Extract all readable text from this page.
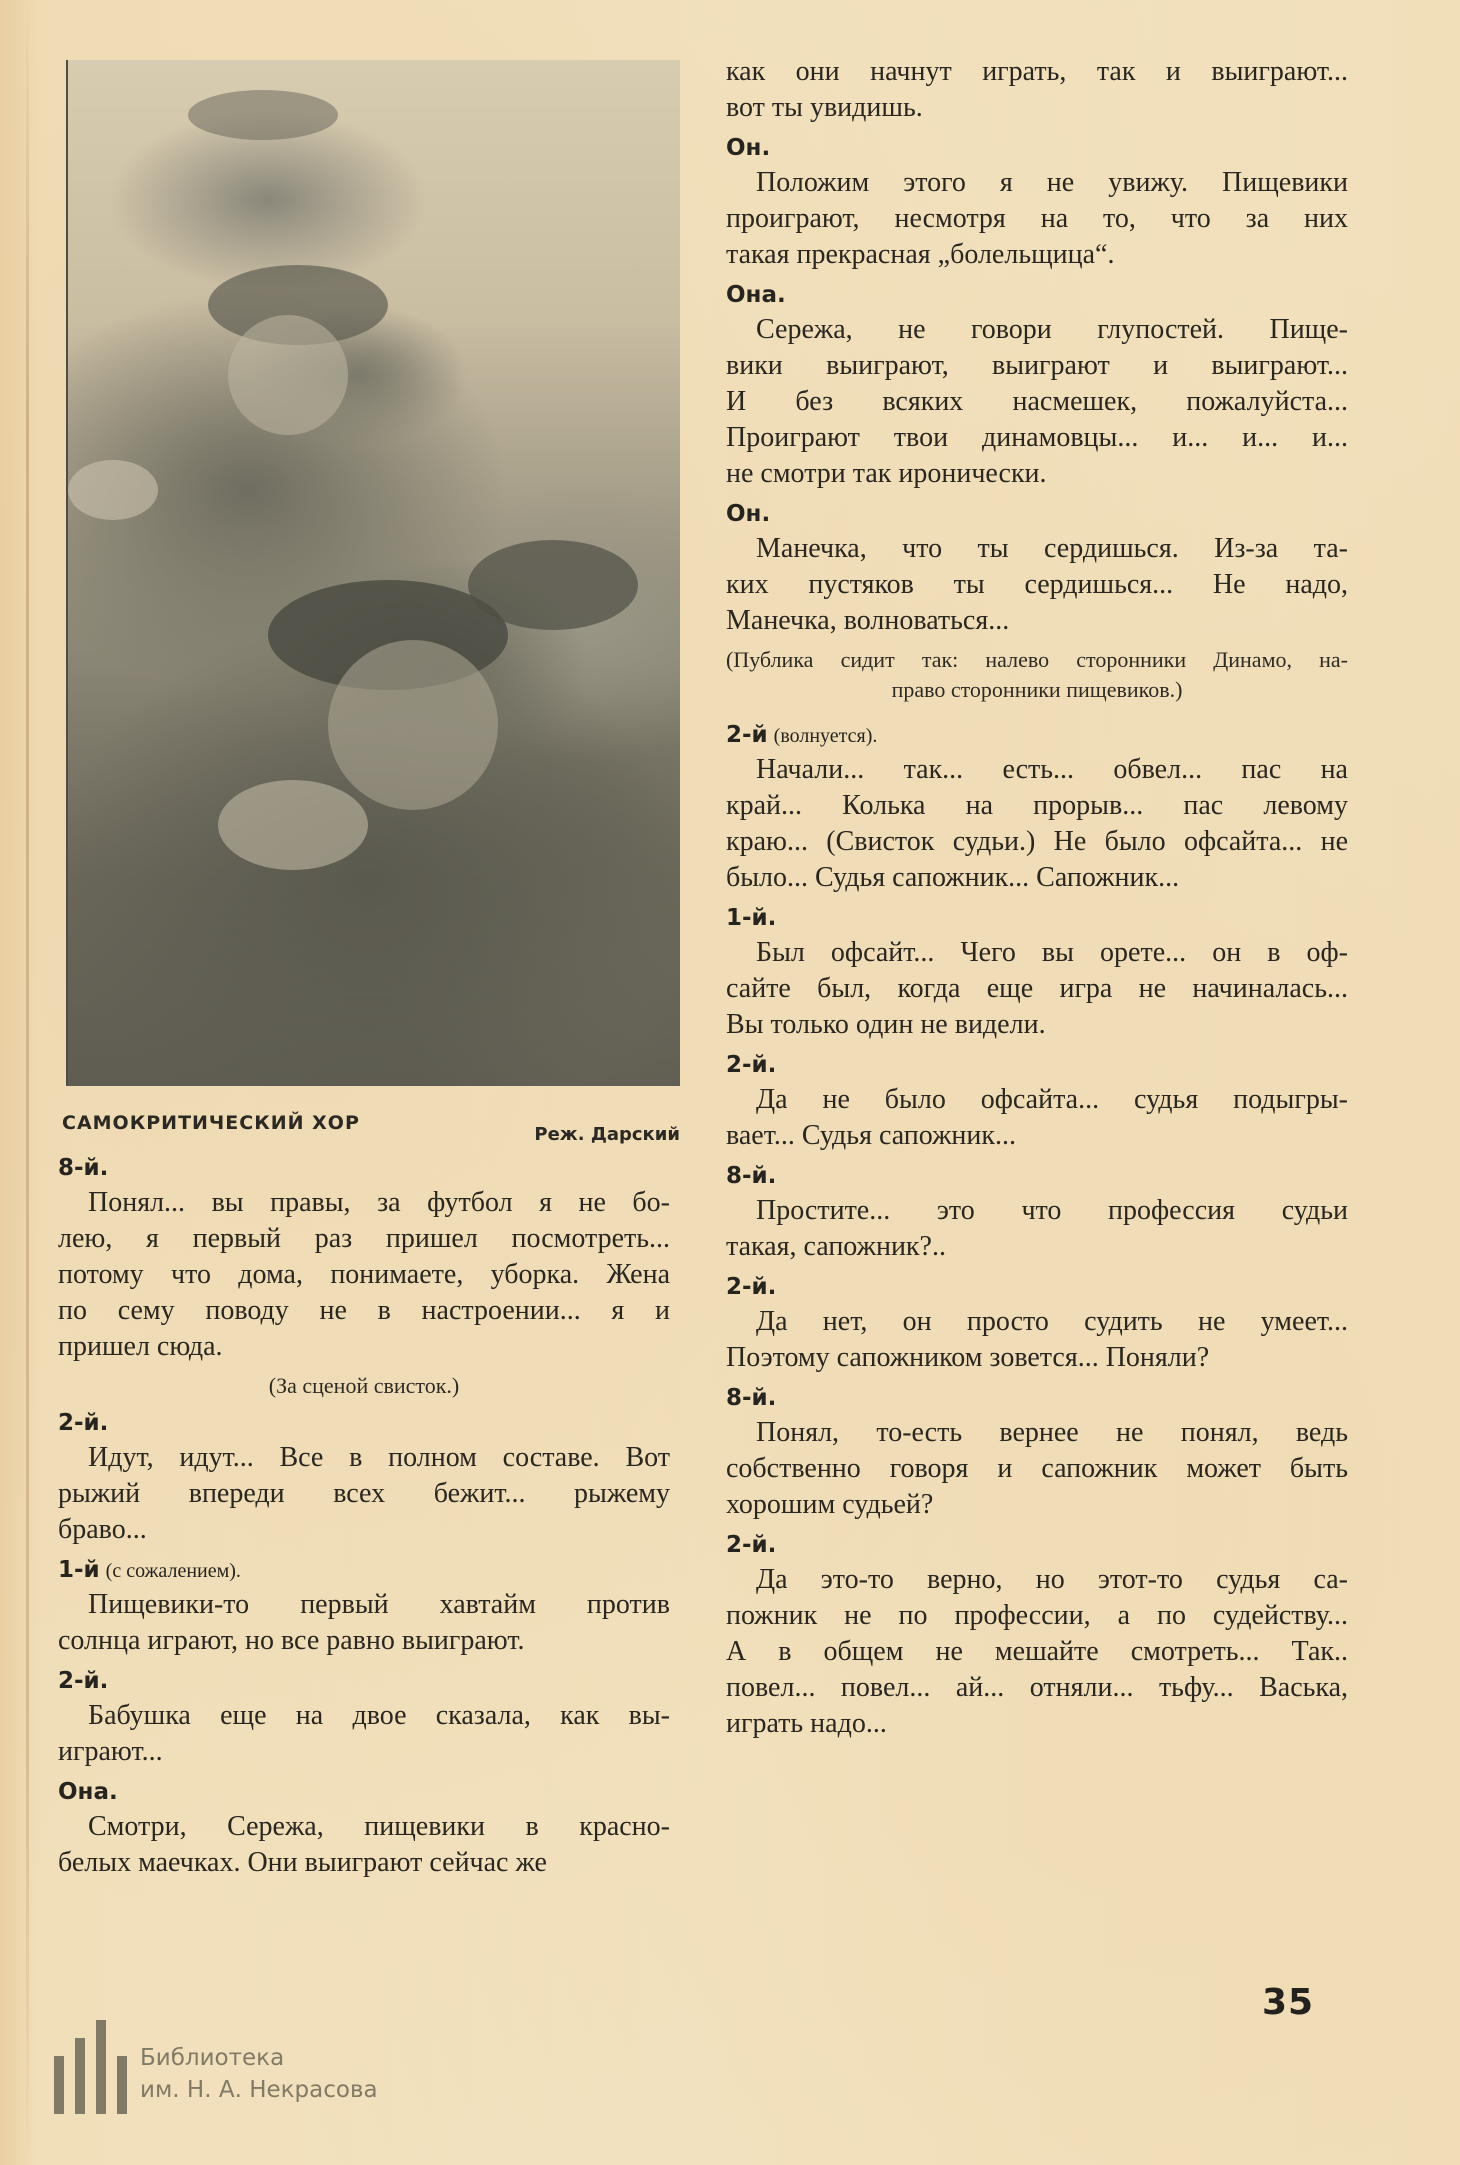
САМОКРИТИЧЕСКИЙ ХОР
Реж. Дарский
8-й.
Понял... вы правы, за футбол я не бо-
лею, я первый раз пришел посмотреть...
потому что дома, понимаете, уборка. Жена
по сему поводу не в настроении... я и
пришел сюда.
(За сценой свисток.)
2-й.
Идут, идут... Все в полном составе. Вот
рыжий впереди всех бежит... рыжему
браво...
1-й (с сожалением).
Пищевики-то первый хавтайм против
солнца играют, но все равно выиграют.
2-й.
Бабушка еще на двое сказала, как вы-
играют...
Она.
Смотри, Сережа, пищевики в красно-
белых маечках. Они выиграют сейчас же
как они начнут играть, так и выиграют...
вот ты увидишь.
Он.
Положим этого я не увижу. Пищевики
проиграют, несмотря на то, что за них
такая прекрасная „болельщица“.
Она.
Сережа, не говори глупостей. Пище-
вики выиграют, выиграют и выиграют...
И без всяких насмешек, пожалуйста...
Проиграют твои динамовцы... и... и... и...
не смотри так иронически.
Он.
Манечка, что ты сердишься. Из-за та-
ких пустяков ты сердишься... Не надо,
Манечка, волноваться...
(Публика сидит так: налево сторонники Динамо, на-
право сторонники пищевиков.)
2-й (волнуется).
Начали... так... есть... обвел... пас на
край... Колька на прорыв... пас левому
краю... (Свисток судьи.) Не было офсайта... не
было... Судья сапожник... Сапожник...
1-й.
Был офсайт... Чего вы орете... он в оф-
сайте был, когда еще игра не начиналась...
Вы только один не видели.
2-й.
Да не было офсайта... судья подыгры-
вает... Судья сапожник...
8-й.
Простите... это что профессия судьи
такая, сапожник?..
2-й.
Да нет, он просто судить не умеет...
Поэтому сапожником зовется... Поняли?
8-й.
Понял, то-есть вернее не понял, ведь
собственно говоря и сапожник может быть
хорошим судьей?
2-й.
Да это-то верно, но этот-то судья са-
пожник не по профессии, а по судейству...
А в общем не мешайте смотреть... Так..
повел... повел... ай... отняли... тьфу... Васька,
играть надо...
35
Библиотека
им. Н. А. Некрасова
